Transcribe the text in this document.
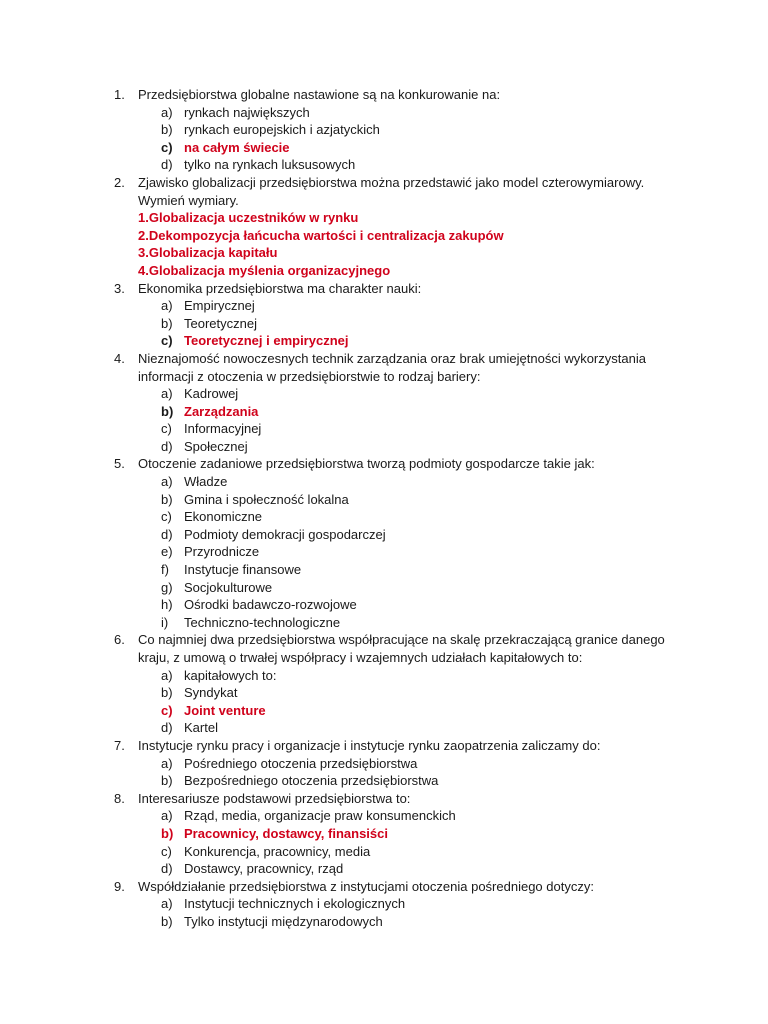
1. Przedsiębiorstwa globalne nastawione są na konkurowanie na:
a) rynkach największych
b) rynkach europejskich i azjatyckich
c) na całym świecie
d) tylko na rynkach luksusowych
2. Zjawisko globalizacji przedsiębiorstwa można przedstawić jako model czterowymiarowy.
Wymień wymiary.
1.Globalizacja uczestników w rynku
2.Dekompozycja łańcucha wartości i centralizacja zakupów
3.Globalizacja kapitału
4.Globalizacja myślenia organizacyjnego
3. Ekonomika przedsiębiorstwa ma charakter nauki:
a) Empirycznej
b) Teoretycznej
c) Teoretycznej i empirycznej
4. Nieznajomość nowoczesnych technik zarządzania oraz brak umiejętności wykorzystania
informacji z otoczenia w przedsiębiorstwie to rodzaj bariery:
a) Kadrowej
b) Zarządzania
c) Informacyjnej
d) Społecznej
5. Otoczenie zadaniowe przedsiębiorstwa tworzą podmioty gospodarcze takie jak:
a) Władze
b) Gmina i społeczność lokalna
c) Ekonomiczne
d) Podmioty demokracji gospodarczej
e) Przyrodnicze
f) Instytucje finansowe
g) Socjokulturowe
h) Ośrodki badawczo-rozwojowe
i) Techniczno-technologiczne
6. Co najmniej dwa przedsiębiorstwa współpracujące na skalę przekraczającą granice danego
kraju, z umową o trwałej współpracy i wzajemnych udziałach kapitałowych to:
a) kapitałowych to:
b) Syndykat
c) Joint venture
d) Kartel
7. Instytucje rynku pracy i organizacje i instytucje rynku zaopatrzenia zaliczamy do:
a) Pośredniego otoczenia przedsiębiorstwa
b) Bezpośredniego otoczenia przedsiębiorstwa
8. Interesariusze podstawowi przedsiębiorstwa to:
a) Rząd, media, organizacje praw konsumenckich
b) Pracownicy, dostawcy, finansiści
c) Konkurencja, pracownicy, media
d) Dostawcy, pracownicy, rząd
9. Współdziałanie przedsiębiorstwa z instytucjami otoczenia pośredniego dotyczy:
a) Instytucji technicznych i ekologicznych
b) Tylko instytucji międzynarodowych
